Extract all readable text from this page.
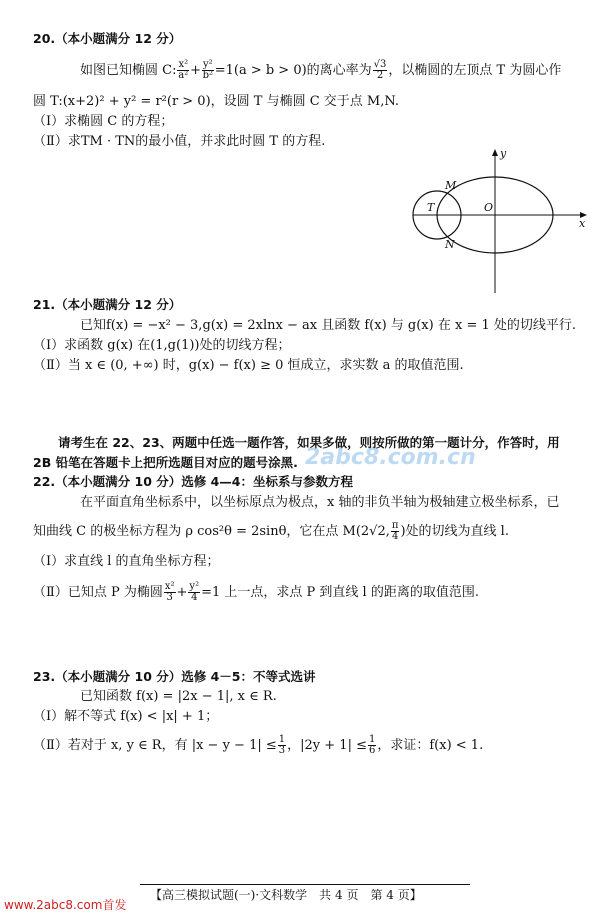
20.（本小题满分 12 分）
如图已知椭圆 C: $\frac{\text{x²}}{\text{a²}} + \frac{\text{y²}}{\text{b²}} =1(a > b > 0)$的离心率为 $\frac{√3}{2}$ ，以椭圆的左顶点 T 为圆心作
圆 T:(x+2)² + y² = r²(r > 0)，设圆 T 与椭圆 C 交于点 M,N.
（Ⅰ）求椭圆 C 的方程；
（Ⅱ）求TM · TN的最小值，并求此时圆 T 的方程.
y
x
O
T
M
N
21.（本小题满分 12 分）
已知f(x) = −x² − 3,g(x) = 2xlnx − ax 且函数 f(x) 与 g(x) 在 x = 1 处的切线平行.
（Ⅰ）求函数 g(x) 在(1,g(1))处的切线方程；
（Ⅱ）当 x ∈ (0, +∞) 时，g(x) − f(x) ≥ 0 恒成立，求实数 a 的取值范围.
请考生在 22、23、两题中任选一题作答，如果多做，则按所做的第一题计分，作答时，用
2B 铅笔在答题卡上把所选题目对应的题号涂黑. 2abc8.com.cn
22.（本小题满分 10 分）选修 4—4：坐标系与参数方程
在平面直角坐标系中，以坐标原点为极点，x 轴的非负半轴为极轴建立极坐标系，已
知曲线 C 的极坐标方程为 ρ cos²θ = 2sinθ，它在点 M(2√2, $\frac{\pi}{4}$ )处的切线为直线 l.
（Ⅰ）求直线 l 的直角坐标方程；
（Ⅱ）已知点 P 为椭圆 $\frac{\text{x²}}{3} + \frac{\text{y²}}{4} =1$ 上一点，求点 P 到直线 l 的距离的取值范围.
23.（本小题满分 10 分）选修 4－5：不等式选讲
已知函数 f(x) = |2x − 1|, x ∈ R.
（Ⅰ）解不等式 f(x) < |x| + 1；
（Ⅱ）若对于 x, y ∈ R，有 $|x - y - 1| \le \frac{1}{3}$ ，$|2y + 1| \le \frac{1}{6}$ ，求证：f(x) < 1.
【高三模拟试题(一)·文科数学　共 4 页　第 4 页】
www.2abc8.com首发
